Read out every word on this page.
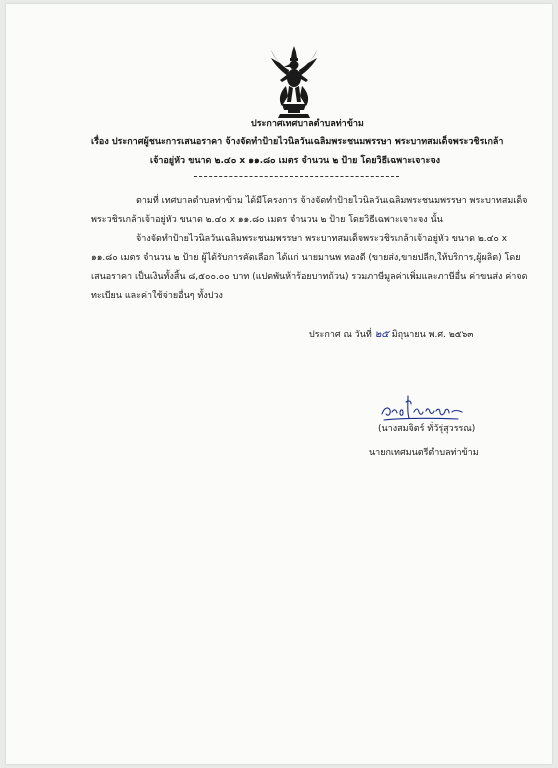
ประกาศเทศบาลตำบลท่าข้าม
เรื่อง ประกาศผู้ชนะการเสนอราคา จ้างจัดทำป้ายไวนิลวันเฉลิมพระชนมพรรษา พระบาทสมเด็จพระวชิรเกล้า
เจ้าอยู่หัว ขนาด ๒.๔๐ x ๑๑.๘๐ เมตร จำนวน ๒ ป้าย โดยวิธีเฉพาะเจาะจง
ตามที่ เทศบาลตำบลท่าข้าม ได้มีโครงการ จ้างจัดทำป้ายไวนิลวันเฉลิมพระชนมพรรษา พระบาทสมเด็จ
พระวชิรเกล้าเจ้าอยู่หัว ขนาด ๒.๔๐ x ๑๑.๘๐ เมตร จำนวน ๒ ป้าย โดยวิธีเฉพาะเจาะจง นั้น
จ้างจัดทำป้ายไวนิลวันเฉลิมพระชนมพรรษา พระบาทสมเด็จพระวชิรเกล้าเจ้าอยู่หัว ขนาด ๒.๔๐ x
๑๑.๘๐ เมตร จำนวน ๒ ป้าย ผู้ได้รับการคัดเลือก ได้แก่ นายมานพ ทองดี (ขายส่ง,ขายปลีก,ให้บริการ,ผู้ผลิต) โดย
เสนอราคา เป็นเงินทั้งสิ้น ๘,๕๐๐.๐๐ บาท (แปดพันห้าร้อยบาทถ้วน) รวมภาษีมูลค่าเพิ่มและภาษีอื่น ค่าขนส่ง ค่าจด
ทะเบียน และค่าใช้จ่ายอื่นๆ ทั้งปวง
ประกาศ ณ วันที่ ๒๕ มิถุนายน พ.ศ. ๒๕๖๓
(นางสมจิตร์ ทั่วัรุ่สุวรรณ)
นายกเทศมนตรีตำบลท่าข้าม
